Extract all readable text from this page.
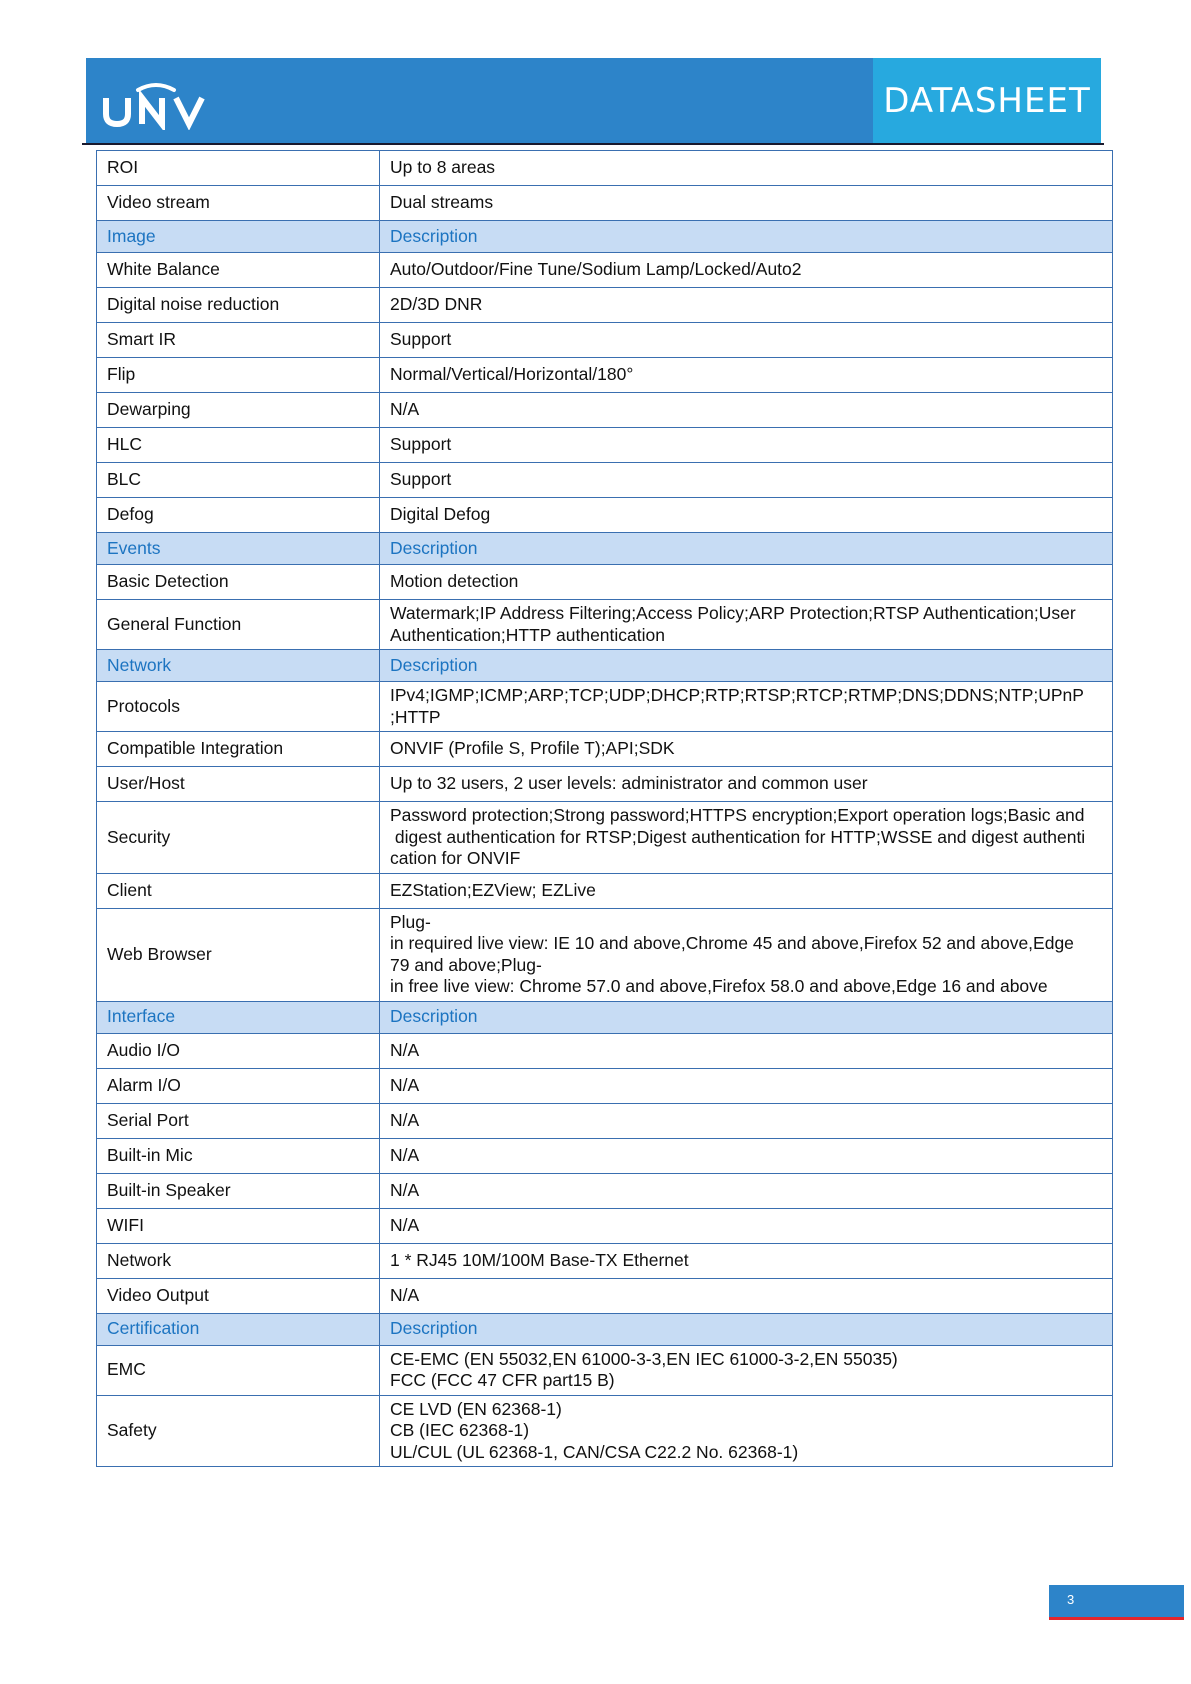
DATASHEET
ROI	Up to 8 areas

Video stream	Dual streams

Image	Description

White Balance	Auto/Outdoor/Fine Tune/Sodium Lamp/Locked/Auto2

Digital noise reduction	2D/3D DNR

Smart IR	Support

Flip	Normal/Vertical/Horizontal/180°

Dewarping	N/A

HLC	Support

BLC	Support

Defog	Digital Defog

Events	Description

Basic Detection	Motion detection

General Function	Watermark;IP Address Filtering;Access Policy;ARP Protection;RTSP Authentication;User
Authentication;HTTP authentication

Network	Description

Protocols	IPv4;IGMP;ICMP;ARP;TCP;UDP;DHCP;RTP;RTSP;RTCP;RTMP;DNS;DDNS;NTP;UPnP
;HTTP

Compatible Integration	ONVIF (Profile S, Profile T);API;SDK

User/Host	Up to 32 users, 2 user levels: administrator and common user

Security	Password protection;Strong password;HTTPS encryption;Export operation logs;Basic and
digest authentication for RTSP;Digest authentication for HTTP;WSSE and digest authenti
cation for ONVIF

Client	EZStation;EZView; EZLive

Web Browser	Plug-
in required live view: IE 10 and above,Chrome 45 and above,Firefox 52 and above,Edge
79 and above;Plug-
in free live view: Chrome 57.0 and above,Firefox 58.0 and above,Edge 16 and above

Interface	Description

Audio I/O	N/A

Alarm I/O	N/A

Serial Port	N/A

Built-in Mic	N/A

Built-in Speaker	N/A

WIFI	N/A

Network	1 * RJ45 10M/100M Base-TX Ethernet

Video Output	N/A

Certification	Description

EMC	CE-EMC (EN 55032,EN 61000-3-3,EN IEC 61000-3-2,EN 55035)
FCC (FCC 47 CFR part15 B)

Safety	CE LVD (EN 62368-1)
CB (IEC 62368-1)
UL/CUL (UL 62368-1, CAN/CSA C22.2 No. 62368-1)
3
